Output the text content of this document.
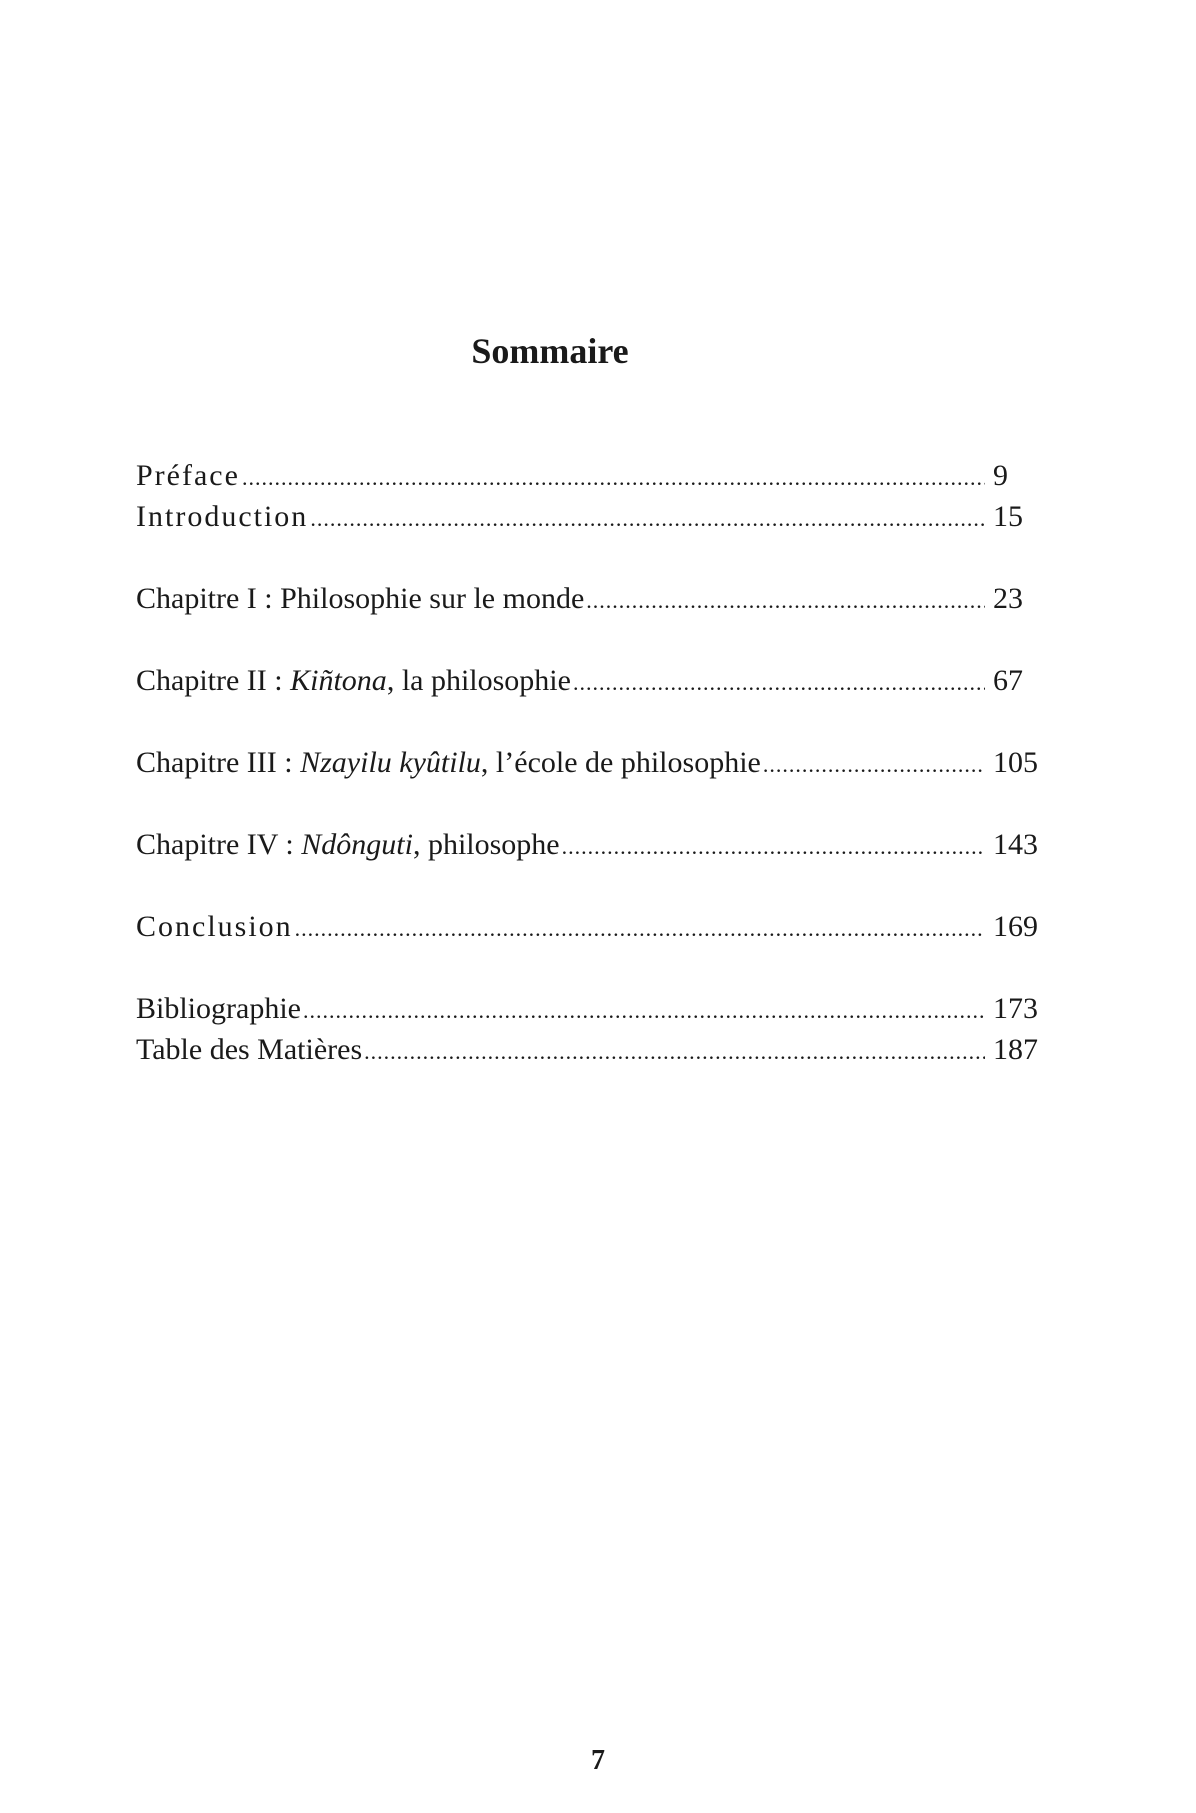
Sommaire
Préface .....	9
Introduction .....	15
Chapitre I : Philosophie sur le monde .....	23
Chapitre II : Kiñtona, la philosophie .....	67
Chapitre III : Nzayilu kyûtilu, l’école de philosophie .....	105
Chapitre IV : Ndônguti, philosophe .....	143
Conclusion .....	169
Bibliographie .....	173
Table des Matières .....	187

7
